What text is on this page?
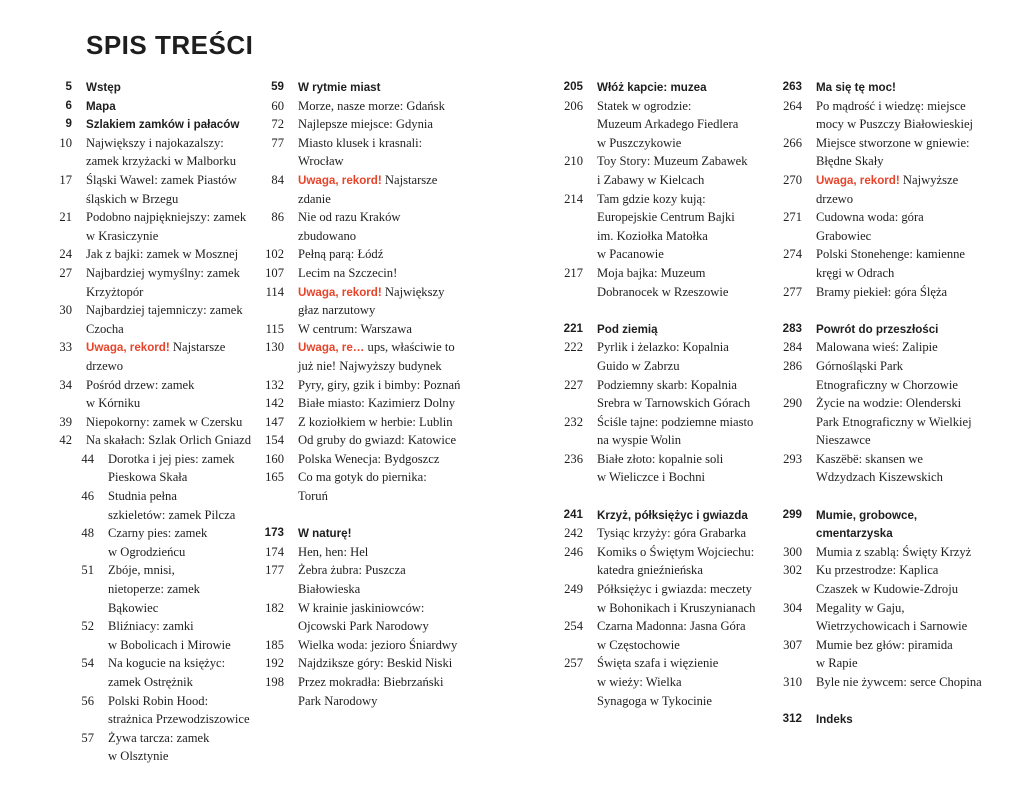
SPIS TREŚCI
5 Wstęp
6 Mapa
9 Szlakiem zamków i pałaców
10 Największy i najokazalszy:
zamek krzyżacki w Malborku
17 Śląski Wawel: zamek Piastów
śląskich w Brzegu
21 Podobno najpiękniejszy: zamek
w Krasiczynie
24 Jak z bajki: zamek w Mosznej
27 Najbardziej wymyślny: zamek
Krzyżtopór
30 Najbardziej tajemniczy: zamek
Czocha
33 Uwaga, rekord! Najstarsze
drzewo
34 Pośród drzew: zamek
w Kórniku
39 Niepokorny: zamek w Czersku
42 Na skałach: Szlak Orlich Gniazd
44 Dorotka i jej pies: zamek
Pieskowa Skała
46 Studnia pełna
szkieletów: zamek Pilcza
48 Czarny pies: zamek
w Ogrodzieńcu
51 Zbóje, mnisi,
nietoperze: zamek
Bąkowiec
52 Bliźniacy: zamki
w Bobolicach i Mirowie
54 Na kogucie na księżyc:
zamek Ostrężnik
56 Polski Robin Hood:
strażnica Przewodziszowice
57 Żywa tarcza: zamek
w Olsztynie
59 W rytmie miast
60 Morze, nasze morze: Gdańsk
72 Najlepsze miejsce: Gdynia
77 Miasto klusek i krasnali:
Wrocław
84 Uwaga, rekord! Najstarsze
zdanie
86 Nie od razu Kraków
zbudowano
102 Pełną parą: Łódź
107 Lecim na Szczecin!
114 Uwaga, rekord! Największy
głaz narzutowy
115 W centrum: Warszawa
130 Uwaga, re… ups, właściwie to
już nie! Najwyższy budynek
132 Pyry, giry, gzik i bimby: Poznań
142 Białe miasto: Kazimierz Dolny
147 Z koziołkiem w herbie: Lublin
154 Od gruby do gwiazd: Katowice
160 Polska Wenecja: Bydgoszcz
165 Co ma gotyk do piernika:
Toruń
173 W naturę!
174 Hen, hen: Hel
177 Żebra żubra: Puszcza
Białowieska
182 W krainie jaskiniowców:
Ojcowski Park Narodowy
185 Wielka woda: jezioro Śniardwy
192 Najdziksze góry: Beskid Niski
198 Przez mokradła: Biebrzański
Park Narodowy
205 Włóż kapcie: muzea
206 Statek w ogrodzie:
Muzeum Arkadego Fiedlera
w Puszczykowie
210 Toy Story: Muzeum Zabawek
i Zabawy w Kielcach
214 Tam gdzie kozy kują:
Europejskie Centrum Bajki
im. Koziołka Matołka
w Pacanowie
217 Moja bajka: Muzeum
Dobranocek w Rzeszowie
221 Pod ziemią
222 Pyrlik i żelazko: Kopalnia
Guido w Zabrzu
227 Podziemny skarb: Kopalnia
Srebra w Tarnowskich Górach
232 Ściśle tajne: podziemne miasto
na wyspie Wolin
236 Białe złoto: kopalnie soli
w Wieliczce i Bochni
241 Krzyż, półksiężyc i gwiazda
242 Tysiąc krzyży: góra Grabarka
246 Komiks o Świętym Wojciechu:
katedra gnieźnieńska
249 Półksiężyc i gwiazda: meczety
w Bohonikach i Kruszynianach
254 Czarna Madonna: Jasna Góra
w Częstochowie
257 Święta szafa i więzienie
w wieży: Wielka
Synagoga w Tykocinie
263 Ma się tę moc!
264 Po mądrość i wiedzę: miejsce
mocy w Puszczy Białowieskiej
266 Miejsce stworzone w gniewie:
Błędne Skały
270 Uwaga, rekord! Najwyższe
drzewo
271 Cudowna woda: góra
Grabowiec
274 Polski Stonehenge: kamienne
kręgi w Odrach
277 Bramy piekieł: góra Ślęża
283 Powrót do przeszłości
284 Malowana wieś: Zalipie
286 Górnośląski Park
Etnograficzny w Chorzowie
290 Życie na wodzie: Olenderski
Park Etnograficzny w Wielkiej
Nieszawce
293 Kaszëbë: skansen we
Wdzydzach Kiszewskich
299 Mumie, grobowce,
cmentarzyska
300 Mumia z szablą: Święty Krzyż
302 Ku przestrodze: Kaplica
Czaszek w Kudowie-Zdroju
304 Megality w Gaju,
Wietrzychowicach i Sarnowie
307 Mumie bez głów: piramida
w Rapie
310 Byle nie żywcem: serce Chopina
312 Indeks
